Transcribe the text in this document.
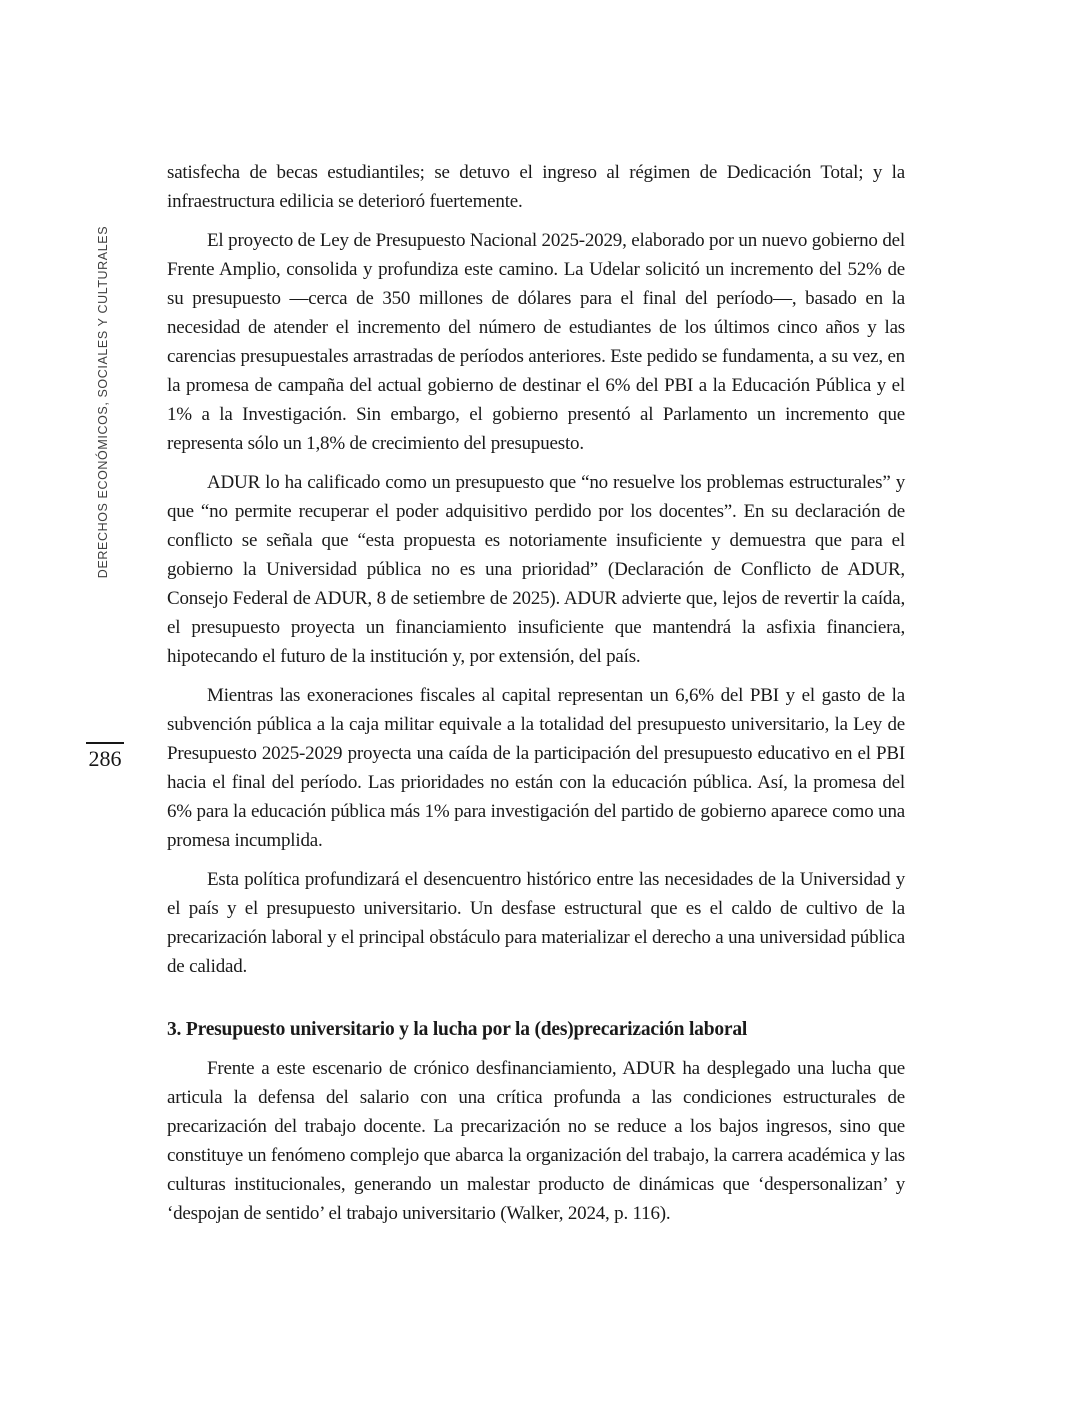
DERECHOS ECONÓMICOS, SOCIALES Y CULTURALES
286

satisfecha de becas estudiantiles; se detuvo el ingreso al régimen de Dedicación Total; y la infraestructura edilicia se deterioró fuertemente.

El proyecto de Ley de Presupuesto Nacional 2025-2029, elaborado por un nuevo gobierno del Frente Amplio, consolida y profundiza este camino. La Udelar solicitó un incremento del 52% de su presupuesto —cerca de 350 millones de dólares para el final del período—, basado en la necesidad de atender el incremento del número de estudiantes de los últimos cinco años y las carencias presupuestales arrastradas de períodos anteriores. Este pedido se fundamenta, a su vez, en la promesa de campaña del actual gobierno de destinar el 6% del PBI a la Educación Pública y el 1% a la Investigación. Sin embargo, el gobierno presentó al Parlamento un incremento que representa sólo un 1,8% de crecimiento del presupuesto.

ADUR lo ha calificado como un presupuesto que “no resuelve los problemas estructurales” y que “no permite recuperar el poder adquisitivo perdido por los docentes”. En su declaración de conflicto se señala que “esta propuesta es notoriamente insuficiente y demuestra que para el gobierno la Universidad pública no es una prioridad” (Declaración de Conflicto de ADUR, Consejo Federal de ADUR, 8 de setiembre de 2025). ADUR advierte que, lejos de revertir la caída, el presupuesto proyecta un financiamiento insuficiente que mantendrá la asfixia financiera, hipotecando el futuro de la institución y, por extensión, del país.

Mientras las exoneraciones fiscales al capital representan un 6,6% del PBI y el gasto de la subvención pública a la caja militar equivale a la totalidad del presupuesto universitario, la Ley de Presupuesto 2025-2029 proyecta una caída de la participación del presupuesto educativo en el PBI hacia el final del período. Las prioridades no están con la educación pública. Así, la promesa del 6% para la educación pública más 1% para investigación del partido de gobierno aparece como una promesa incumplida.

Esta política profundizará el desencuentro histórico entre las necesidades de la Universidad y el país y el presupuesto universitario. Un desfase estructural que es el caldo de cultivo de la precarización laboral y el principal obstáculo para materializar el derecho a una universidad pública de calidad.

3. Presupuesto universitario y la lucha por la (des)precarización laboral

Frente a este escenario de crónico desfinanciamiento, ADUR ha desplegado una lucha que articula la defensa del salario con una crítica profunda a las condiciones estructurales de precarización del trabajo docente. La precarización no se reduce a los bajos ingresos, sino que constituye un fenómeno complejo que abarca la organización del trabajo, la carrera académica y las culturas institucionales, generando un malestar producto de dinámicas que ‘despersonalizan’ y ‘despojan de sentido’ el trabajo universitario (Walker, 2024, p. 116).
